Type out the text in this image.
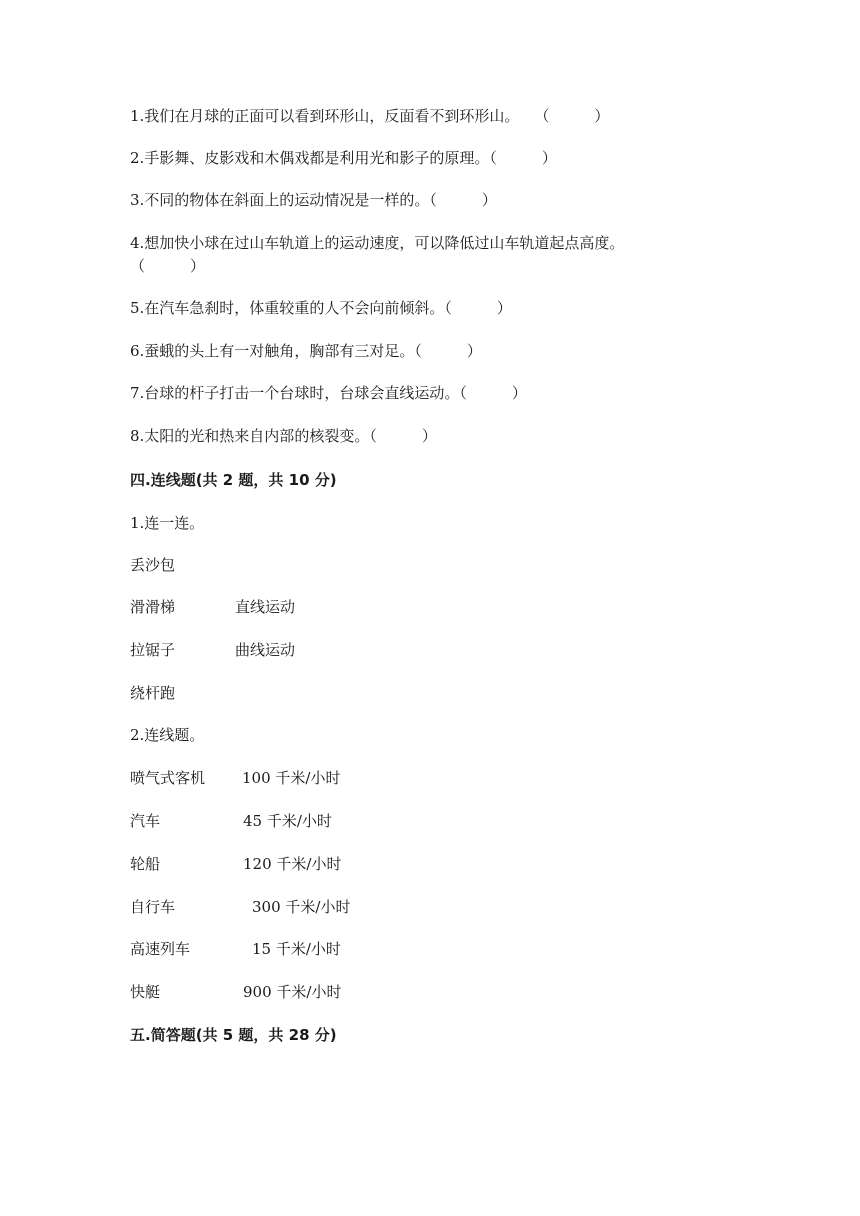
1.我们在月球的正面可以看到环形山，反面看不到环形山。　　（　　　）
2.手影舞、皮影戏和木偶戏都是利用光和影子的原理。（　　　）
3.不同的物体在斜面上的运动情况是一样的。（　　　）
4.想加快小球在过山车轨道上的运动速度，可以降低过山车轨道起点高度。
（　　　）
5.在汽车急刹时，体重较重的人不会向前倾斜。（　　　）
6.蚕蛾的头上有一对触角，胸部有三对足。（　　　）
7.台球的杆子打击一个台球时，台球会直线运动。（　　　）
8.太阳的光和热来自内部的核裂变。（　　　）
四.连线题(共 2 题，共 10 分)
1.连一连。
丢沙包
滑滑梯	直线运动
拉锯子	曲线运动
绕杆跑
2.连线题。
喷气式客机 100 千米/小时
汽车	45 千米/小时
轮船	120 千米/小时
自行车	300 千米/小时
高速列车	15 千米/小时
快艇	900 千米/小时
五.简答题(共 5 题，共 28 分)
